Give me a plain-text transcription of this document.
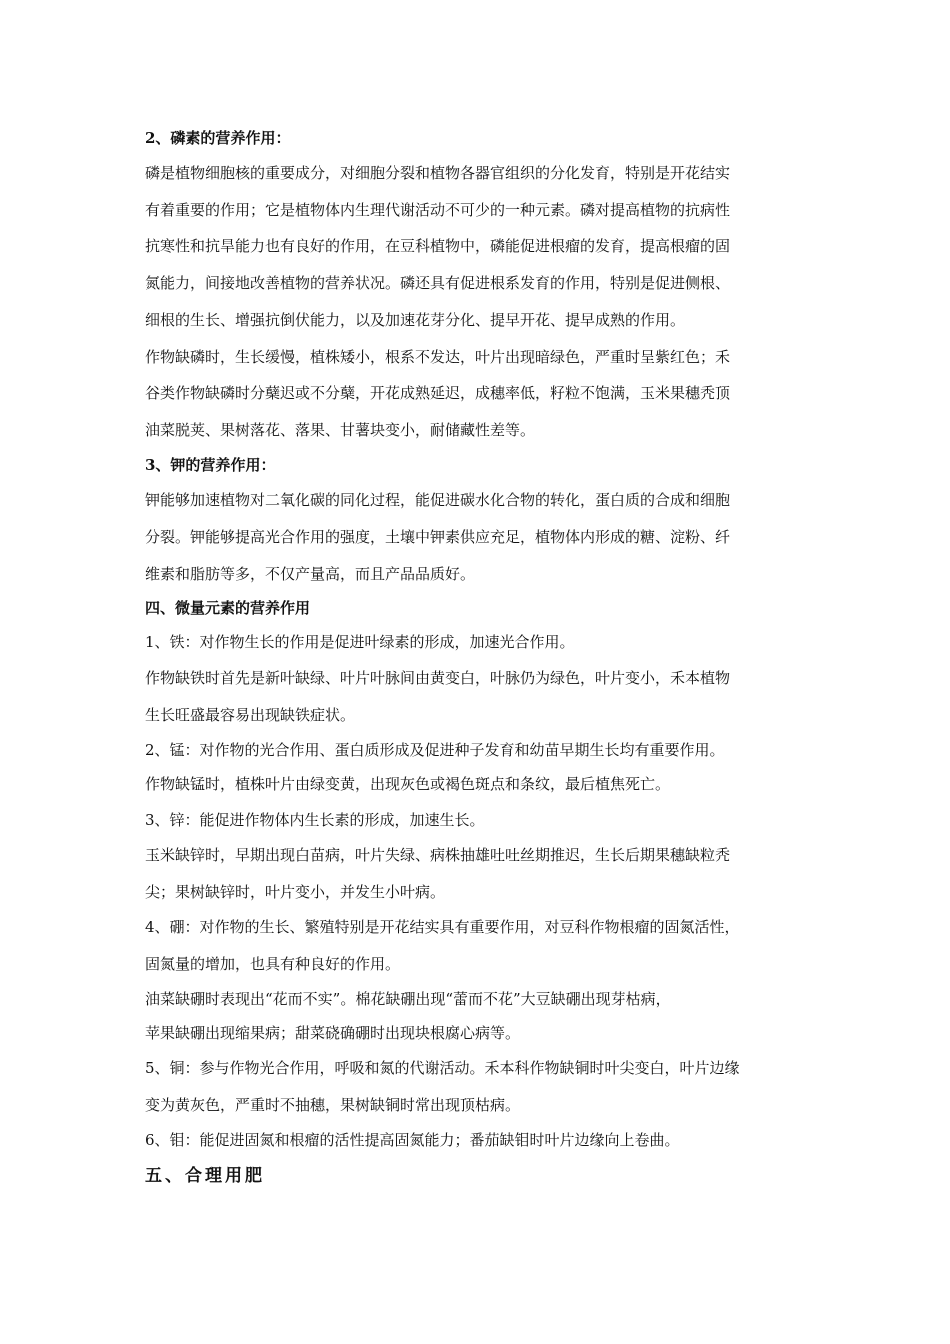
2、磷素的营养作用：
磷是植物细胞核的重要成分，对细胞分裂和植物各器官组织的分化发育，特别是开花结实
有着重要的作用；它是植物体内生理代谢活动不可少的一种元素。磷对提高植物的抗病性
抗寒性和抗旱能力也有良好的作用，在豆科植物中，磷能促进根瘤的发育，提高根瘤的固
氮能力，间接地改善植物的营养状况。磷还具有促进根系发育的作用，特别是促进侧根、
细根的生长、增强抗倒伏能力，以及加速花芽分化、提早开花、提早成熟的作用。
作物缺磷时，生长缓慢，植株矮小，根系不发达，叶片出现暗绿色，严重时呈紫红色；禾
谷类作物缺磷时分蘖迟或不分蘖，开花成熟延迟，成穗率低，籽粒不饱满，玉米果穗秃顶
油菜脱荚、果树落花、落果、甘薯块变小，耐储藏性差等。
3、钾的营养作用：
钾能够加速植物对二氧化碳的同化过程，能促进碳水化合物的转化，蛋白质的合成和细胞
分裂。钾能够提高光合作用的强度，土壤中钾素供应充足，植物体内形成的糖、淀粉、纤
维素和脂肪等多，不仅产量高，而且产品品质好。
四、微量元素的营养作用
1、铁：对作物生长的作用是促进叶绿素的形成，加速光合作用。
作物缺铁时首先是新叶缺绿、叶片叶脉间由黄变白，叶脉仍为绿色，叶片变小，禾本植物
生长旺盛最容易出现缺铁症状。
2、锰：对作物的光合作用、蛋白质形成及促进种子发育和幼苗早期生长均有重要作用。
作物缺锰时，植株叶片由绿变黄，出现灰色或褐色斑点和条纹，最后植焦死亡。
3、锌：能促进作物体内生长素的形成，加速生长。
玉米缺锌时，早期出现白苗病，叶片失绿、病株抽雄吐吐丝期推迟，生长后期果穗缺粒秃
尖；果树缺锌时，叶片变小，并发生小叶病。
4、硼：对作物的生长、繁殖特别是开花结实具有重要作用，对豆科作物根瘤的固氮活性，
固氮量的增加，也具有种良好的作用。
油菜缺硼时表现出“花而不实”。棉花缺硼出现“蕾而不花”大豆缺硼出现芽枯病，
苹果缺硼出现缩果病；甜菜硗确硼时出现块根腐心病等。
5、铜：参与作物光合作用，呼吸和氮的代谢活动。禾本科作物缺铜时叶尖变白，叶片边缘
变为黄灰色，严重时不抽穗，果树缺铜时常出现顶枯病。
6、钼：能促进固氮和根瘤的活性提高固氮能力；番茄缺钼时叶片边缘向上卷曲。
五、合理用肥
